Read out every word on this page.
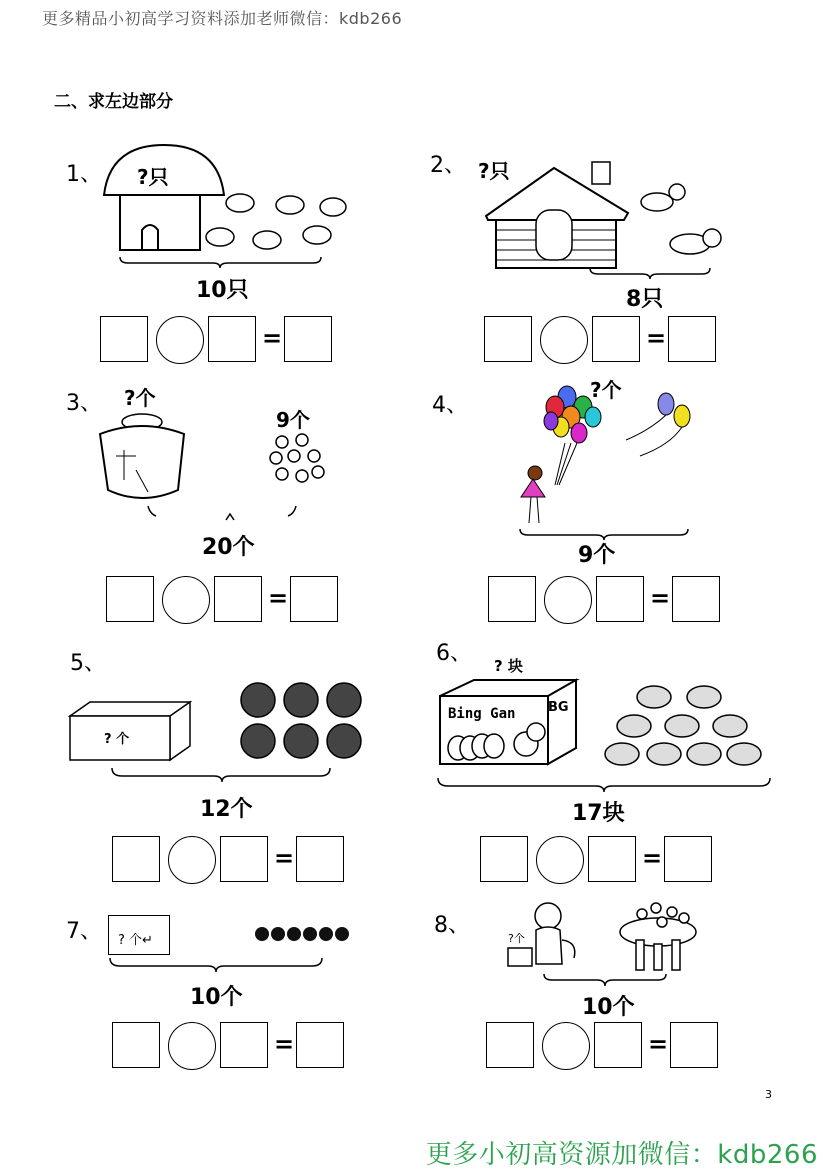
更多精品小初高学习资料添加老师微信：kdb266
二、求左边部分
1、 ?只
10只
=
2、 ?只
8只
=
3、 ?个
9个
20个
=
4、
?个
9个
=
5、
? 个
12个
=
6、 ? 块
Bing Gan	BG
17块
=
7、 ? 个↵
10个
=
8、
?个
10个
=
3
更多小初高资源加微信：kdb266
